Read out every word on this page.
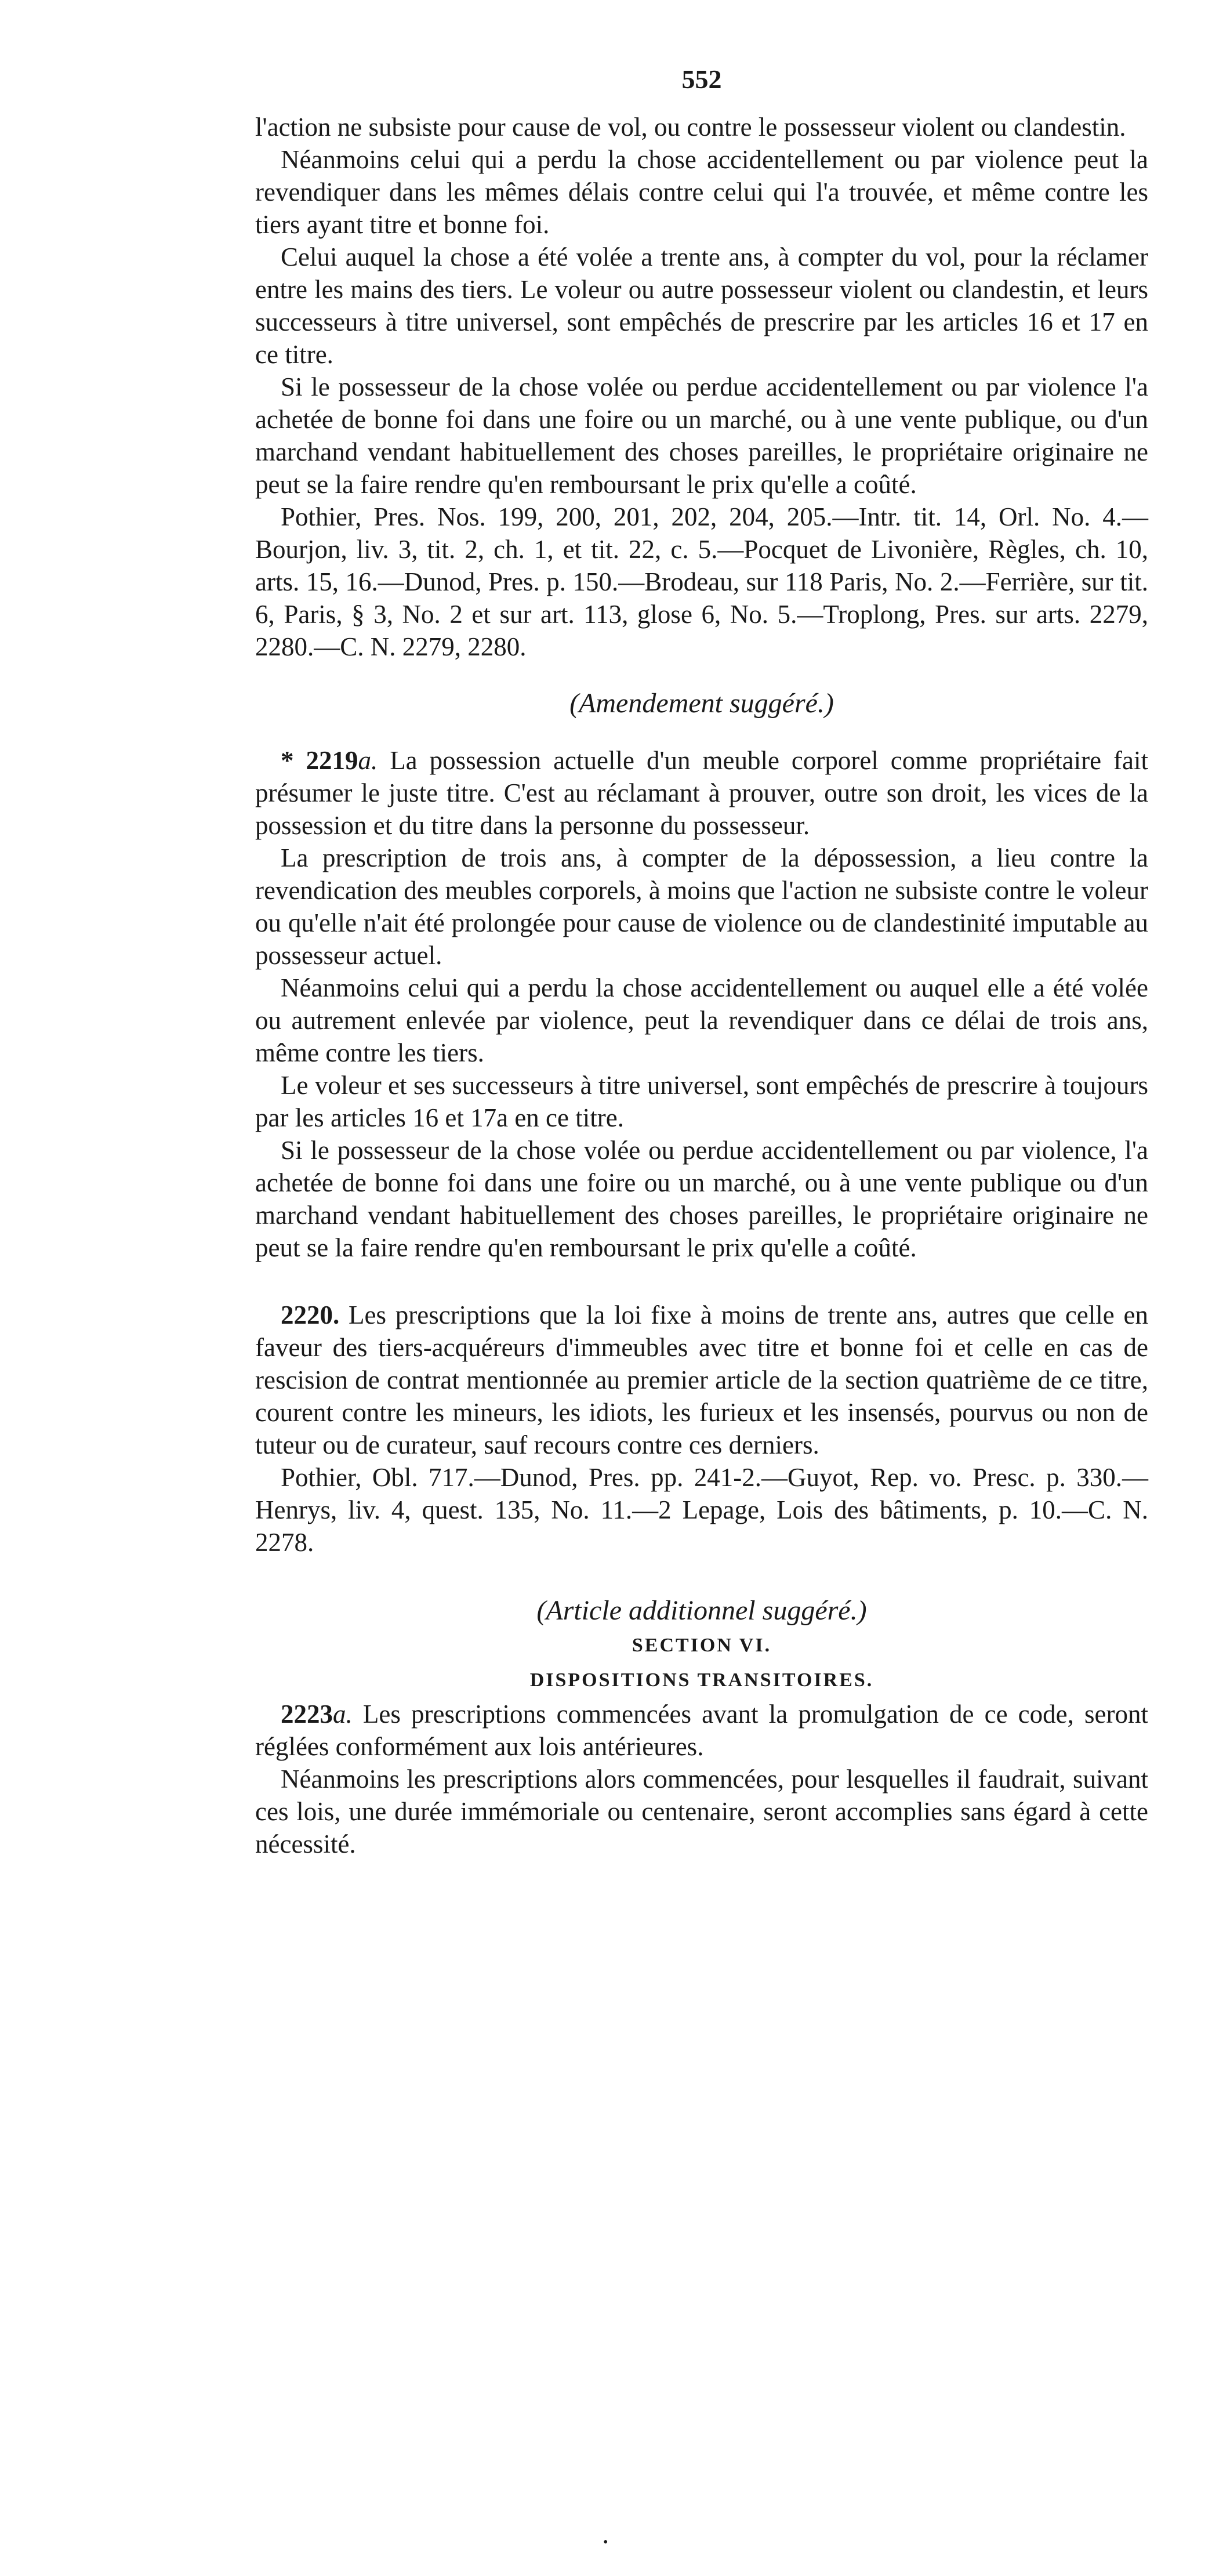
552

l'action ne subsiste pour cause de vol, ou contre le possesseur violent ou clandestin.

Néanmoins celui qui a perdu la chose accidentellement ou par violence peut la revendiquer dans les mêmes délais contre celui qui l'a trouvée, et même contre les tiers ayant titre et bonne foi.

Celui auquel la chose a été volée a trente ans, à compter du vol, pour la réclamer entre les mains des tiers. Le voleur ou autre possesseur violent ou clandestin, et leurs successeurs à titre universel, sont empêchés de prescrire par les articles 16 et 17 en ce titre.

Si le possesseur de la chose volée ou perdue accidentellement ou par violence l'a achetée de bonne foi dans une foire ou un marché, ou à une vente publique, ou d'un marchand vendant habituellement des choses pareilles, le propriétaire originaire ne peut se la faire rendre qu'en remboursant le prix qu'elle a coûté.

Pothier, Pres. Nos. 199, 200, 201, 202, 204, 205.—Intr. tit. 14, Orl. No. 4.—Bourjon, liv. 3, tit. 2, ch. 1, et tit. 22, c. 5.—Pocquet de Livonière, Règles, ch. 10, arts. 15, 16.—Dunod, Pres. p. 150.—Brodeau, sur 118 Paris, No. 2.—Ferrière, sur tit. 6, Paris, § 3, No. 2 et sur art. 113, glose 6, No. 5.—Troplong, Pres. sur arts. 2279, 2280.—C. N. 2279, 2280.

(Amendement suggéré.)

* 2219a. La possession actuelle d'un meuble corporel comme propriétaire fait présumer le juste titre. C'est au réclamant à prouver, outre son droit, les vices de la possession et du titre dans la personne du possesseur.

La prescription de trois ans, à compter de la dépossession, a lieu contre la revendication des meubles corporels, à moins que l'action ne subsiste contre le voleur ou qu'elle n'ait été prolongée pour cause de violence ou de clandestinité imputable au possesseur actuel.

Néanmoins celui qui a perdu la chose accidentellement ou auquel elle a été volée ou autrement enlevée par violence, peut la revendiquer dans ce délai de trois ans, même contre les tiers.

Le voleur et ses successeurs à titre universel, sont empêchés de prescrire à toujours par les articles 16 et 17a en ce titre.

Si le possesseur de la chose volée ou perdue accidentellement ou par violence, l'a achetée de bonne foi dans une foire ou un marché, ou à une vente publique ou d'un marchand vendant habituellement des choses pareilles, le propriétaire originaire ne peut se la faire rendre qu'en remboursant le prix qu'elle a coûté.

2220. Les prescriptions que la loi fixe à moins de trente ans, autres que celle en faveur des tiers-acquéreurs d'immeubles avec titre et bonne foi et celle en cas de rescision de contrat mentionnée au premier article de la section quatrième de ce titre, courent contre les mineurs, les idiots, les furieux et les insensés, pourvus ou non de tuteur ou de curateur, sauf recours contre ces derniers.

Pothier, Obl. 717.—Dunod, Pres. pp. 241-2.—Guyot, Rep. vo. Presc. p. 330.—Henrys, liv. 4, quest. 135, No. 11.—2 Lepage, Lois des bâtiments, p. 10.—C. N. 2278.

(Article additionnel suggéré.)
SECTION VI.
DISPOSITIONS TRANSITOIRES.

2223a. Les prescriptions commencées avant la promulgation de ce code, seront réglées conformément aux lois antérieures.

Néanmoins les prescriptions alors commencées, pour lesquelles il faudrait, suivant ces lois, une durée immémoriale ou centenaire, seront accomplies sans égard à cette nécessité.

•
